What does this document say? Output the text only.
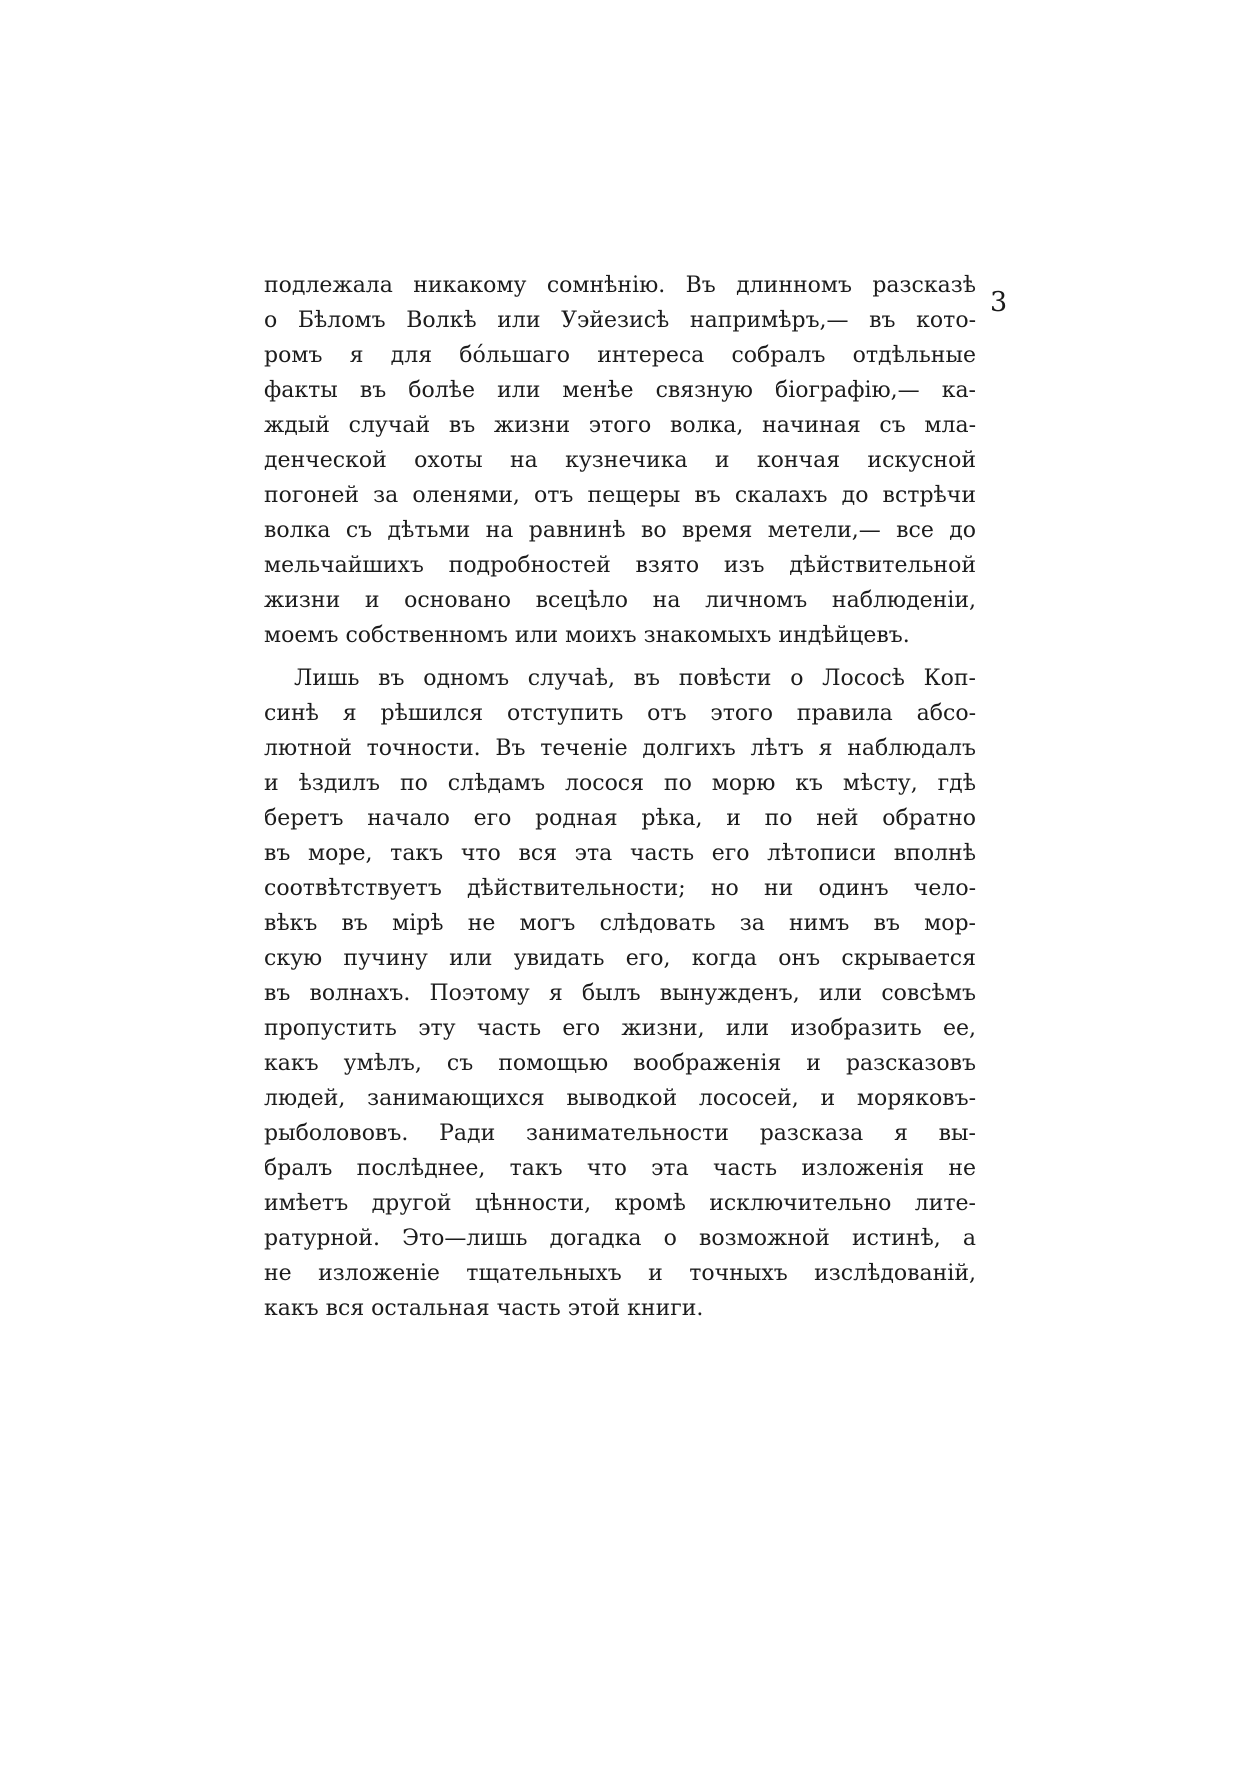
3
подлежала никакому сомнѣнію. Въ длинномъ разсказѣ
о Бѣломъ Волкѣ или Уэйезисѣ напримѣръ,— въ кото-
ромъ я для бо́льшаго интереса собралъ отдѣльные
факты въ болѣе или менѣе связную біографію,— ка-
ждый случай въ жизни этого волка, начиная съ мла-
денческой охоты на кузнечика и кончая искусной
погоней за оленями, отъ пещеры въ скалахъ до встрѣчи
волка съ дѣтьми на равнинѣ во время метели,— все до
мельчайшихъ подробностей взято изъ дѣйствительной
жизни и основано всецѣло на личномъ наблюденіи,
моемъ собственномъ или моихъ знакомыхъ индѣйцевъ.
Лишь въ одномъ случаѣ, въ повѣсти о Лососѣ Коп-
синѣ я рѣшился отступить отъ этого правила абсо-
лютной точности. Въ теченіе долгихъ лѣтъ я наблюдалъ
и ѣздилъ по слѣдамъ лосося по морю къ мѣсту, гдѣ
беретъ начало его родная рѣка, и по ней обратно
въ море, такъ что вся эта часть его лѣтописи вполнѣ
соотвѣтствуетъ дѣйствительности; но ни одинъ чело-
вѣкъ въ мірѣ не могъ слѣдовать за нимъ въ мор-
скую пучину или увидать его, когда онъ скрывается
въ волнахъ. Поэтому я былъ вынужденъ, или совсѣмъ
пропустить эту часть его жизни, или изобразить ее,
какъ умѣлъ, съ помощью воображенія и разсказовъ
людей, занимающихся выводкой лососей, и моряковъ-
рыболововъ. Ради занимательности разсказа я вы-
бралъ послѣднее, такъ что эта часть изложенія не
имѣетъ другой цѣнности, кромѣ исключительно лите-
ратурной. Это—лишь догадка о возможной истинѣ, а
не изложеніе тщательныхъ и точныхъ изслѣдованій,
какъ вся остальная часть этой книги.
